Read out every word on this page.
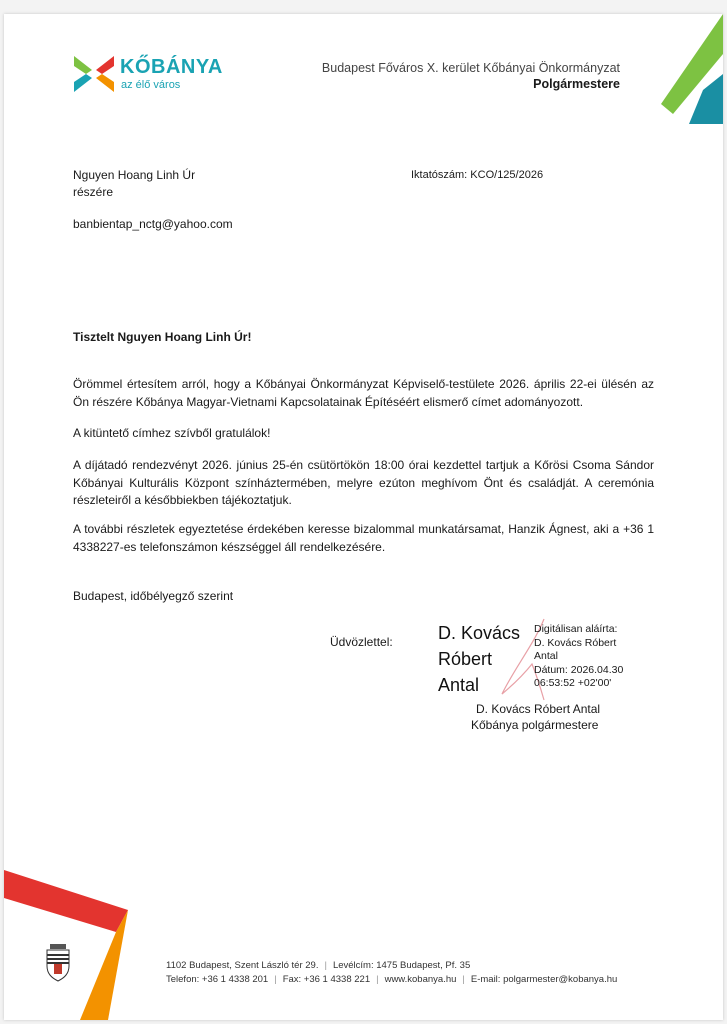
KŐBÁNYA
az élő város
Budapest Főváros X. kerület Kőbányai Önkormányzat
Polgármestere
Nguyen Hoang Linh Úr
részére
banbientap_nctg@yahoo.com
Iktatószám: KCO/125/2026
Tisztelt Nguyen Hoang Linh Úr!
Örömmel értesítem arról, hogy a Kőbányai Önkormányzat Képviselő-testülete 2026. április 22-ei ülésén az Ön részére Kőbánya Magyar-Vietnami Kapcsolatainak Építéséért elismerő címet adományozott.
A kitüntető címhez szívből gratulálok!
A díjátadó rendezvényt 2026. június 25-én csütörtökön 18:00 órai kezdettel tartjuk a Kőrösi Csoma Sándor Kőbányai Kulturális Központ színháztermében, melyre ezúton meghívom Önt és családját. A ceremónia részleteiről a későbbiekben tájékoztatjuk.
A további részletek egyeztetése érdekében keresse bizalommal munkatársamat, Hanzik Ágnest, aki a +36 1 4338227-es telefonszámon készséggel áll rendelkezésére.
Budapest, időbélyegző szerint
Üdvözlettel:	D. Kovács
Róbert
Antal
Digitálisan aláírta:
D. Kovács Róbert
Antal
Dátum: 2026.04.30
06:53:52 +02'00'
D. Kovács Róbert Antal
Kőbánya polgármestere
1102 Budapest, Szent László tér 29. | Levélcím: 1475 Budapest, Pf. 35
Telefon: +36 1 4338 201 | Fax: +36 1 4338 221 | www.kobanya.hu | E-mail: polgarmester@kobanya.hu
